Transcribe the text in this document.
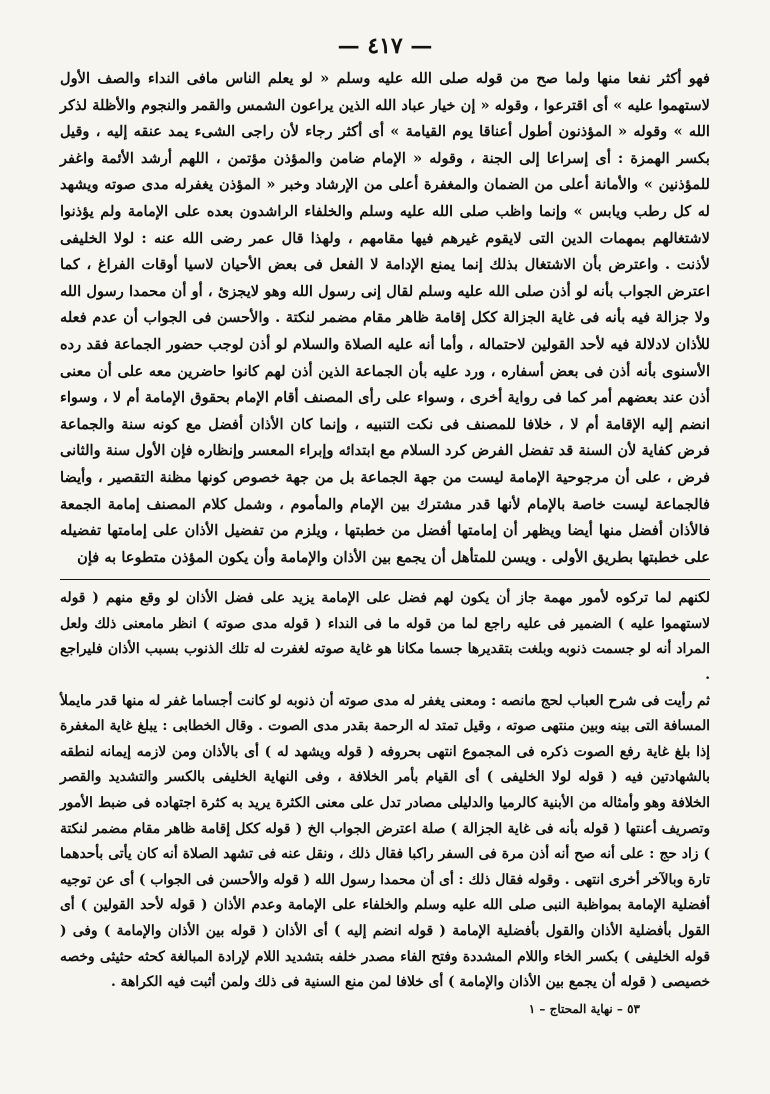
— ٤١٧ —

فهو أكثر نفعا منها ولما صح من قوله صلى الله عليه وسلم « لو يعلم الناس مافى النداء والصف الأول لاستهموا عليه » أى اقترعوا ، وقوله « إن خيار عباد الله الذين يراعون الشمس والقمر والنجوم والأظلة لذكر الله » وقوله « المؤذنون أطول أعناقا يوم القيامة » أى أكثر رجاء لأن راجى الشىء يمد عنقه إليه ، وقيل بكسر الهمزة : أى إسراعا إلى الجنة ، وقوله « الإمام ضامن والمؤذن مؤتمن ، اللهم أرشد الأئمة واغفر للمؤذنين » والأمانة أعلى من الضمان والمغفرة أعلى من الإرشاد وخبر « المؤذن يغفرله مدى صوته ويشهد له كل رطب ويابس » وإنما واظب صلى الله عليه وسلم والخلفاء الراشدون بعده على الإمامة ولم يؤذنوا لاشتغالهم بمهمات الدين التى لايقوم غيرهم فيها مقامهم ، ولهذا قال عمر رضى الله عنه : لولا الخليفى لأذنت . واعترض بأن الاشتغال بذلك إنما يمنع الإدامة لا الفعل فى بعض الأحيان لاسيا أوقات الفراغ ، كما اعترض الجواب بأنه لو أذن صلى الله عليه وسلم لقال إنى رسول الله وهو لايجزئ ، أو أن محمدا رسول الله ولا جزالة فيه بأنه فى غاية الجزالة ككل إقامة ظاهر مقام مضمر لنكتة . والأحسن فى الجواب أن عدم فعله للأذان لادلالة فيه لأحد القولين لاحتماله ، وأما أنه عليه الصلاة والسلام لو أذن لوجب حضور الجماعة فقد رده الأسنوى بأنه أذن فى بعض أسفاره ، ورد عليه بأن الجماعة الذين أذن لهم كانوا حاضرين معه على أن معنى أذن عند بعضهم أمر كما فى رواية أخرى ، وسواء على رأى المصنف أقام الإمام بحقوق الإمامة أم لا ، وسواء انضم إليه الإقامة أم لا ، خلافا للمصنف فى نكت التنبيه ، وإنما كان الأذان أفضل مع كونه سنة والجماعة فرض كفاية لأن السنة قد تفضل الفرض كرد السلام مع ابتدائه وإبراء المعسر وإنظاره فإن الأول سنة والثانى فرض ، على أن مرجوحية الإمامة ليست من جهة الجماعة بل من جهة خصوص كونها مظنة التقصير ، وأيضا فالجماعة ليست خاصة بالإمام لأنها قدر مشترك بين الإمام والمأموم ، وشمل كلام المصنف إمامة الجمعة فالأذان أفضل منها أيضا ويظهر أن إمامتها أفضل من خطبتها ، ويلزم من تفضيل الأذان على إمامتها تفضيله على خطبتها بطريق الأولى . ويسن للمتأهل أن يجمع بين الأذان والإمامة وأن يكون المؤذن متطوعا به فإن

لكنهم لما تركوه لأمور مهمة جاز أن يكون لهم فضل على الإمامة يزيد على فضل الأذان لو وقع منهم ( قوله لاستهموا عليه ) الضمير فى عليه راجع لما من قوله ما فى النداء ( قوله مدى صوته ) انظر مامعنى ذلك ولعل المراد أنه لو جسمت ذنوبه وبلغت بتقديرها جسما مكانا هو غاية صوته لغفرت له تلك الذنوب بسبب الأذان فليراجع .

ثم رأيت فى شرح العباب لحج مانصه : ومعنى يغفر له مدى صوته أن ذنوبه لو كانت أجساما غفر له منها قدر مايملأ المسافة التى بينه وبين منتهى صوته ، وقيل تمتد له الرحمة بقدر مدى الصوت . وقال الخطابى : يبلغ غاية المغفرة إذا بلغ غاية رفع الصوت ذكره فى المجموع انتهى بحروفه ( قوله ويشهد له ) أى بالأذان ومن لازمه إيمانه لنطقه بالشهادتين فيه ( قوله لولا الخليفى ) أى القيام بأمر الخلافة ، وفى النهاية الخليفى بالكسر والتشديد والقصر الخلافة وهو وأمثاله من الأبنية كالرميا والدليلى مصادر تدل على معنى الكثرة يريد به كثرة اجتهاده فى ضبط الأمور وتصريف أعنتها ( قوله بأنه فى غاية الجزالة ) صلة اعترض الجواب الخ ( قوله ككل إقامة ظاهر مقام مضمر لنكتة ) زاد حج : على أنه صح أنه أذن مرة فى السفر راكبا فقال ذلك ، ونقل عنه فى تشهد الصلاة أنه كان يأتى بأحدهما تارة وبالآخر أخرى انتهى . وقوله فقال ذلك : أى أن محمدا رسول الله ( قوله والأحسن فى الجواب ) أى عن توجيه أفضلية الإمامة بمواظبة النبى صلى الله عليه وسلم والخلفاء على الإمامة وعدم الأذان ( قوله لأحد القولين ) أى القول بأفضلية الأذان والقول بأفضلية الإمامة ( قوله انضم إليه ) أى الأذان ( قوله بين الأذان والإمامة ) وفى ( قوله الخليفى ) بكسر الخاء واللام المشددة وفتح الفاء مصدر خلفه بتشديد اللام لإرادة المبالغة كحثه حثيثى وخصه خصيصى ( قوله أن يجمع بين الأذان والإمامة ) أى خلافا لمن منع السنية فى ذلك ولمن أثبت فيه الكراهة .

٥٣ – نهاية المحتاج – ١
